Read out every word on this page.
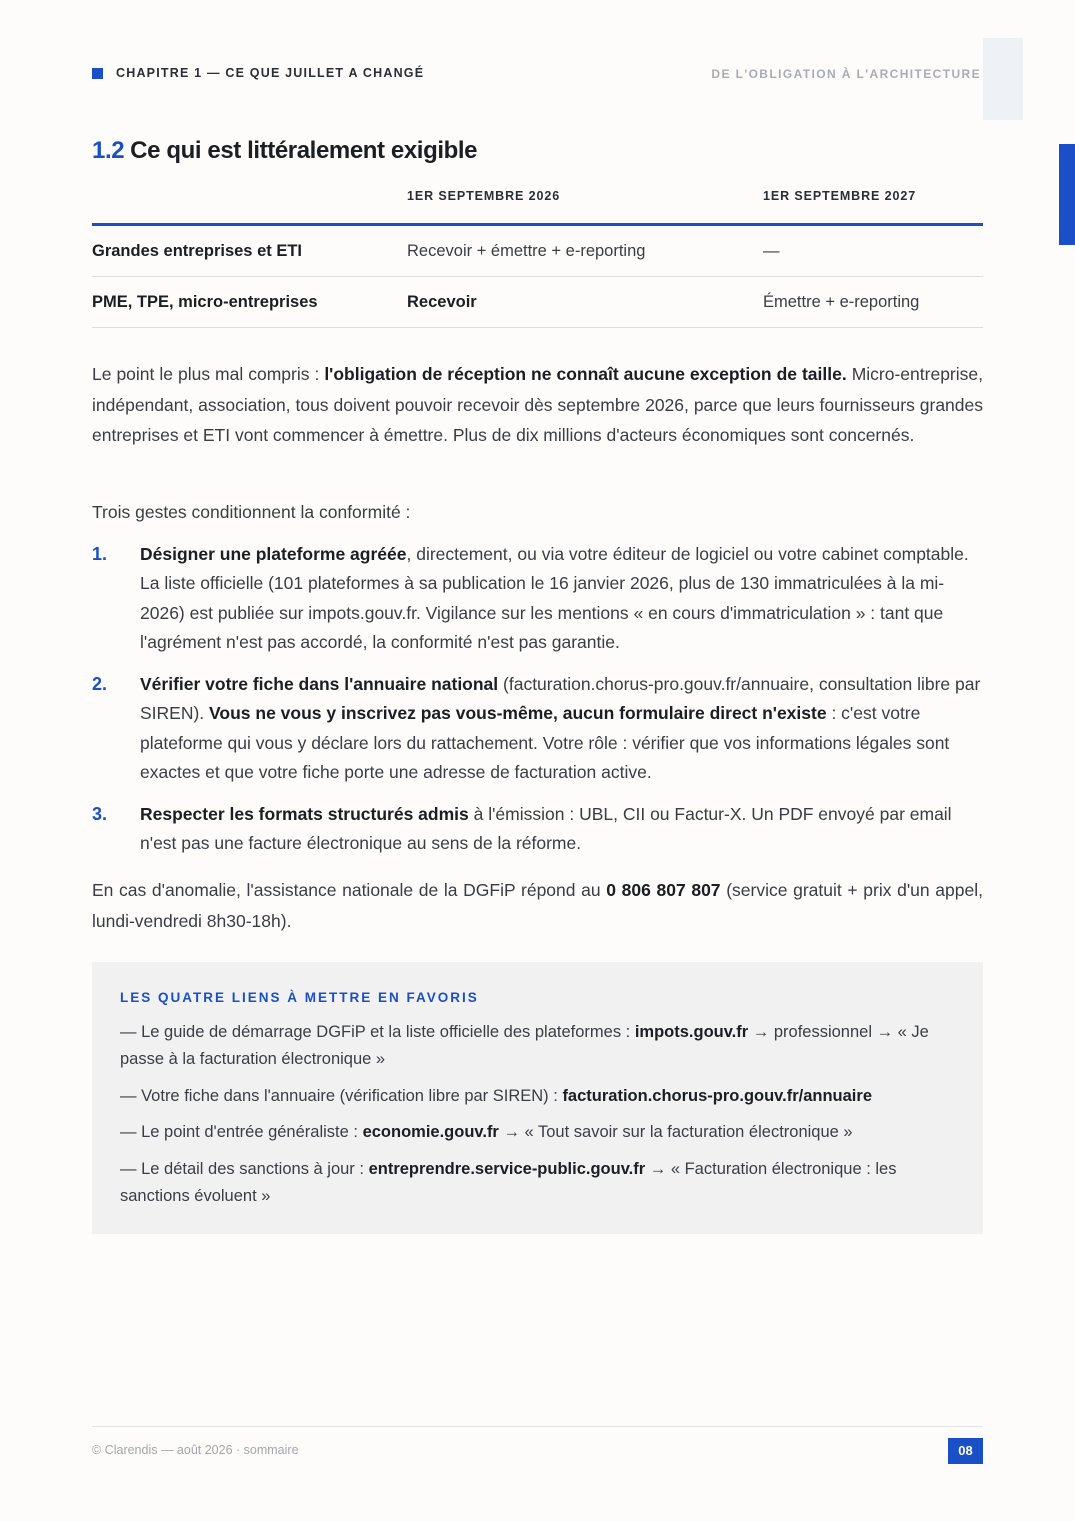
CHAPITRE 1 — CE QUE JUILLET A CHANGÉ	DE L'OBLIGATION À L'ARCHITECTURE
1.2 Ce qui est littéralement exigible
	1ER SEPTEMBRE 2026	1ER SEPTEMBRE 2027
Grandes entreprises et ETI	Recevoir + émettre + e-reporting	—
PME, TPE, micro-entreprises	Recevoir	Émettre + e-reporting
Le point le plus mal compris : l'obligation de réception ne connaît aucune exception de taille. Micro-entreprise, indépendant, association, tous doivent pouvoir recevoir dès septembre 2026, parce que leurs fournisseurs grandes entreprises et ETI vont commencer à émettre. Plus de dix millions d'acteurs économiques sont concernés.
Trois gestes conditionnent la conformité :
1. Désigner une plateforme agréée, directement, ou via votre éditeur de logiciel ou votre cabinet comptable. La liste officielle (101 plateformes à sa publication le 16 janvier 2026, plus de 130 immatriculées à la mi-2026) est publiée sur impots.gouv.fr. Vigilance sur les mentions « en cours d'immatriculation » : tant que l'agrément n'est pas accordé, la conformité n'est pas garantie.
2. Vérifier votre fiche dans l'annuaire national (facturation.chorus-pro.gouv.fr/annuaire, consultation libre par SIREN). Vous ne vous y inscrivez pas vous-même, aucun formulaire direct n'existe : c'est votre plateforme qui vous y déclare lors du rattachement. Votre rôle : vérifier que vos informations légales sont exactes et que votre fiche porte une adresse de facturation active.
3. Respecter les formats structurés admis à l'émission : UBL, CII ou Factur-X. Un PDF envoyé par email n'est pas une facture électronique au sens de la réforme.
En cas d'anomalie, l'assistance nationale de la DGFiP répond au 0 806 807 807 (service gratuit + prix d'un appel, lundi-vendredi 8h30-18h).
LES QUATRE LIENS À METTRE EN FAVORIS
— Le guide de démarrage DGFiP et la liste officielle des plateformes : impots.gouv.fr → professionnel → « Je passe à la facturation électronique »
— Votre fiche dans l'annuaire (vérification libre par SIREN) : facturation.chorus-pro.gouv.fr/annuaire
— Le point d'entrée généraliste : economie.gouv.fr → « Tout savoir sur la facturation électronique »
— Le détail des sanctions à jour : entreprendre.service-public.gouv.fr → « Facturation électronique : les sanctions évoluent »
© Clarendis — août 2026 · sommaire	08
